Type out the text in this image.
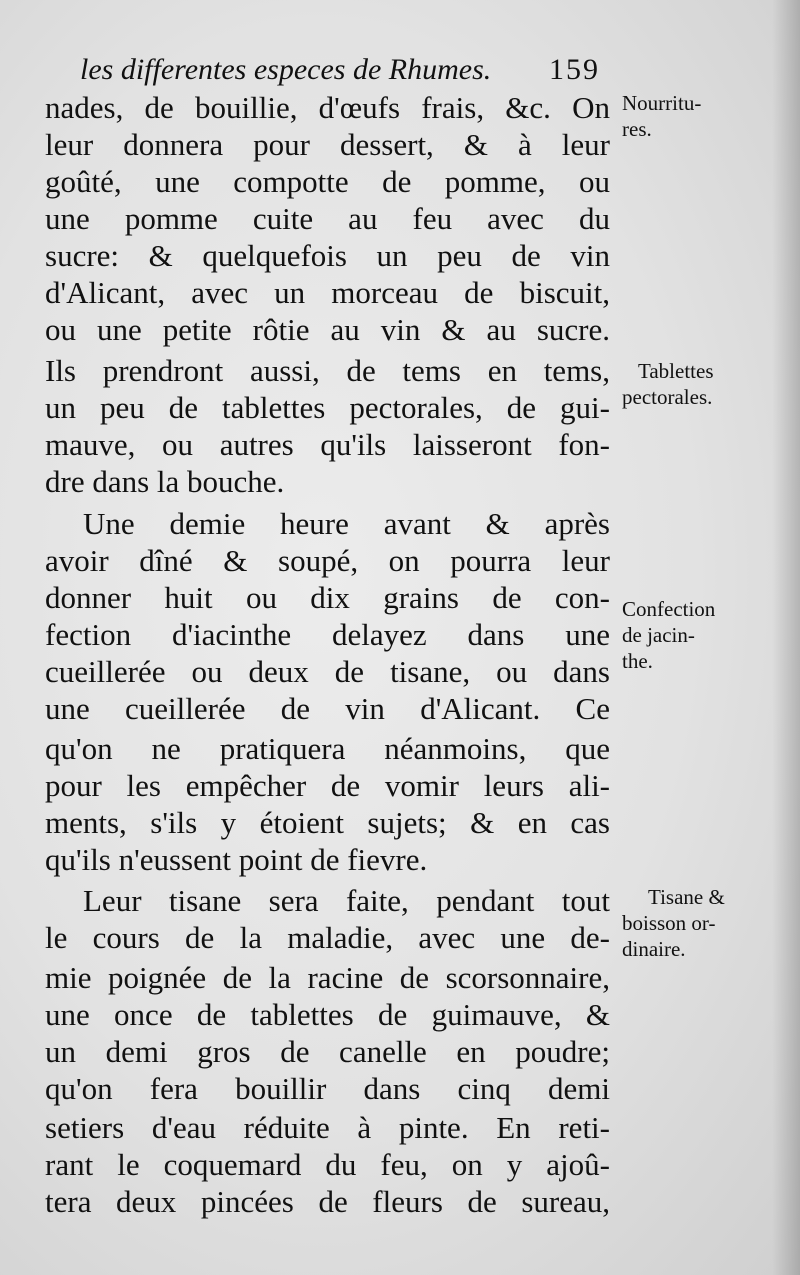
les differentes especes de Rhumes. 159
nades, de bouillie, d'œufs frais, &c. On
leur donnera pour dessert, & à leur
goûté, une compotte de pomme, ou
une pomme cuite au feu avec du
sucre: & quelquefois un peu de vin
d'Alicant, avec un morceau de biscuit,
ou une petite rôtie au vin & au sucre.
Ils prendront aussi, de tems en tems,
un peu de tablettes pectorales, de gui-
mauve, ou autres qu'ils laisseront fon-
dre dans la bouche.
Une demie heure avant & après
avoir dîné & soupé, on pourra leur
donner huit ou dix grains de con-
fection d'iacinthe delayez dans une
cueillerée ou deux de tisane, ou dans
une cueillerée de vin d'Alicant. Ce
qu'on ne pratiquera néanmoins, que
pour les empêcher de vomir leurs ali-
ments, s'ils y étoient sujets; & en cas
qu'ils n'eussent point de fievre.
Leur tisane sera faite, pendant tout
le cours de la maladie, avec une de-
mie poignée de la racine de scorsonnaire,
une once de tablettes de guimauve, &
un demi gros de canelle en poudre;
qu'on fera bouillir dans cinq demi
setiers d'eau réduite à pinte. En reti-
rant le coquemard du feu, on y ajoû-
tera deux pincées de fleurs de sureau,
Nourritu-
res.
Tablettes
pectorales.
Confection
de jacin-
the.
Tisane &
boisson or-
dinaire.
